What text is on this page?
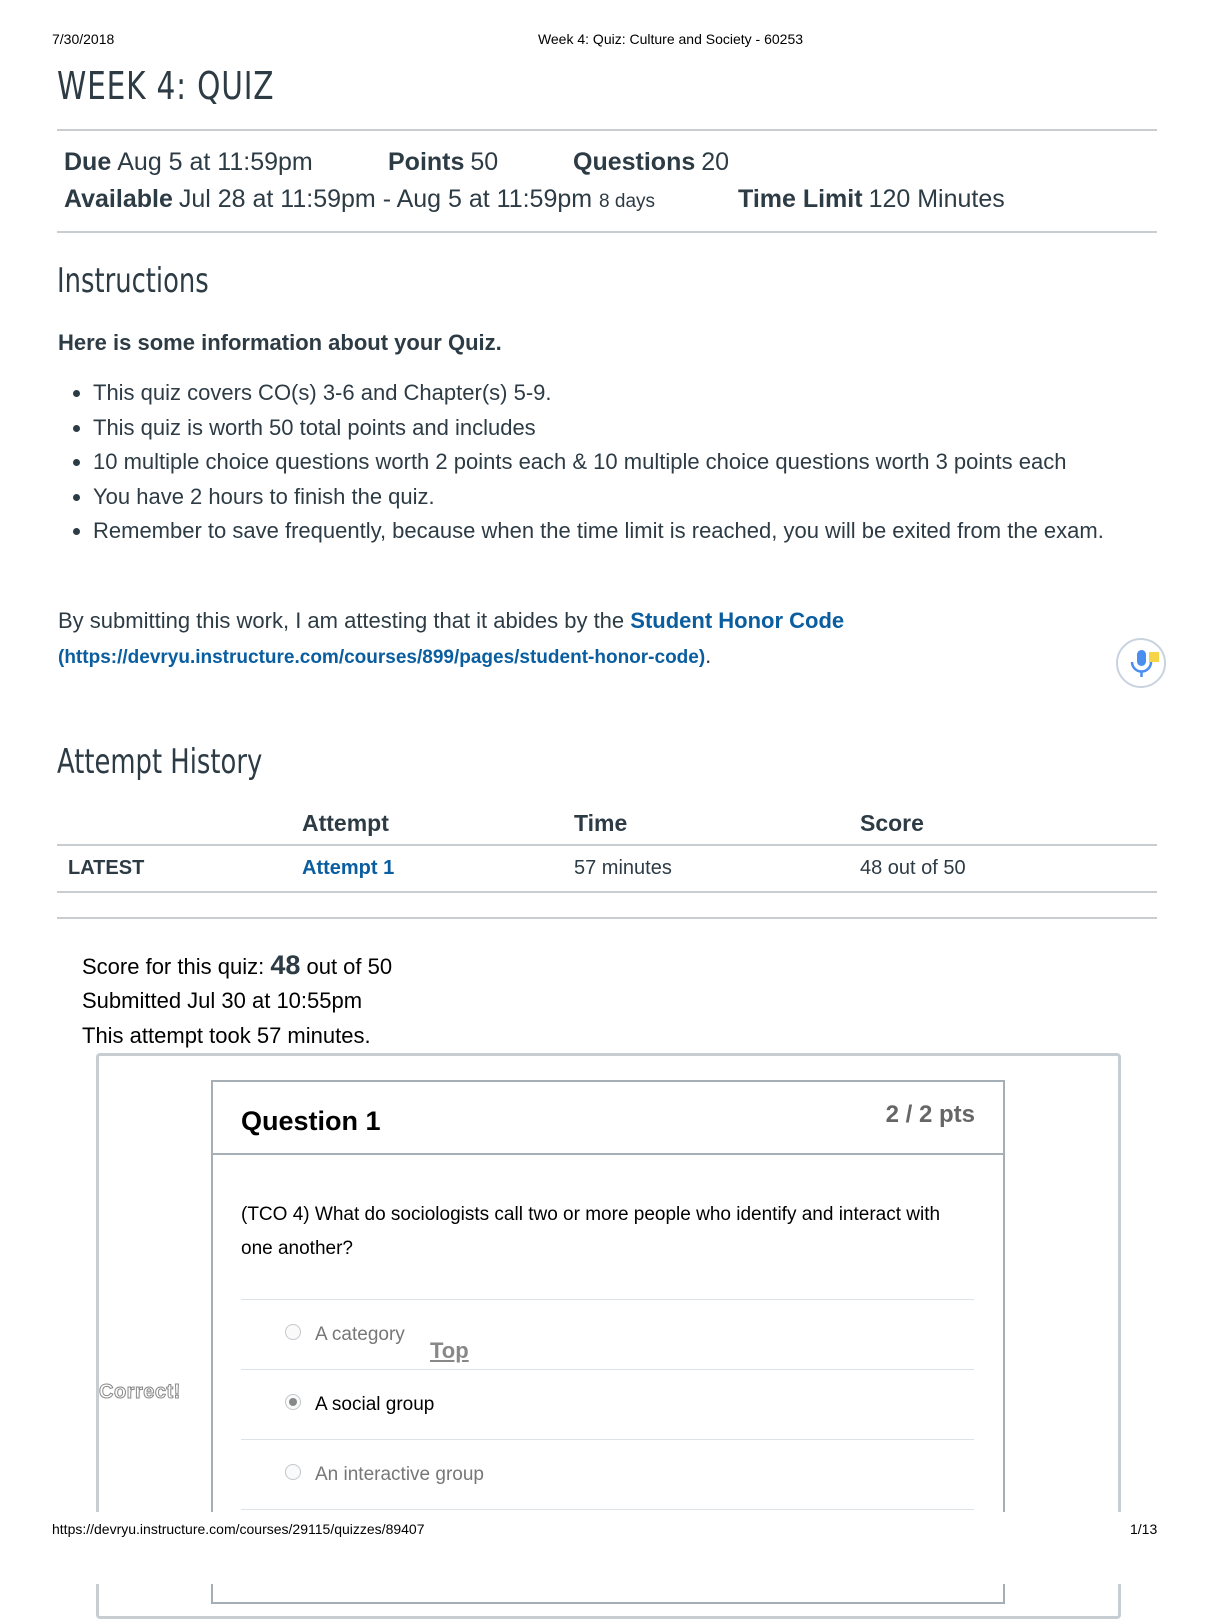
7/30/2018	Week 4: Quiz: Culture and Society - 60253
WEEK 4: QUIZ
Due Aug 5 at 11:59pm	Points 50	Questions 20
Available Jul 28 at 11:59pm - Aug 5 at 11:59pm 8 days	Time Limit 120 Minutes
Instructions
Here is some information about your Quiz.
• This quiz covers CO(s) 3-6 and Chapter(s) 5-9.
• This quiz is worth 50 total points and includes
• 10 multiple choice questions worth 2 points each & 10 multiple choice questions worth 3 points each
• You have 2 hours to finish the quiz.
• Remember to save frequently, because when the time limit is reached, you will be exited from the exam.
By submitting this work, I am attesting that it abides by the Student Honor Code
(https://devryu.instructure.com/courses/899/pages/student-honor-code).
Attempt History
	Attempt	Time	Score
LATEST	Attempt 1	57 minutes	48 out of 50
Score for this quiz: 48 out of 50
Submitted Jul 30 at 10:55pm
This attempt took 57 minutes.
Question 1	2 / 2 pts
(TCO 4) What do sociologists call two or more people who identify and interact with one another?
A category
A social group
An interactive group
Top
Correct!
https://devryu.instructure.com/courses/29115/quizzes/89407	1/13
